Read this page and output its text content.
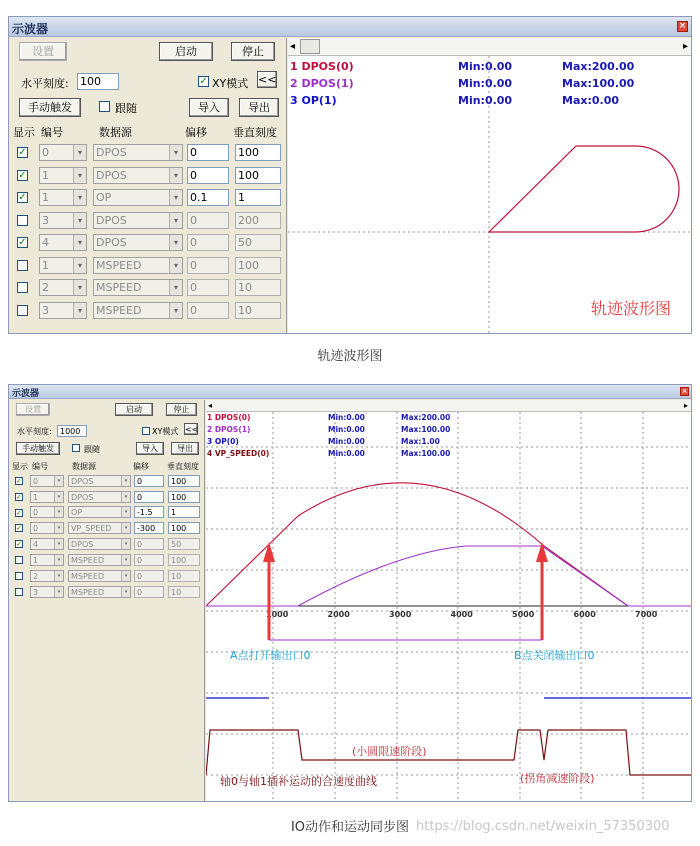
示波器	×
设置	启动	停止
水平刻度: 100	✓ XY模式 <<
手动触发	跟随	导入	导出
显示 编号	数据源	偏移 垂直刻度
✓ 0	▾	DPOS	▾	0	100
✓ 1	▾	DPOS	▾	0	100
✓ 1	▾	OP	▾	0.1	1
3	▾	DPOS	▾	0	200
✓ 4	▾	DPOS	▾	0	50
1	▾	MSPEED	▾	0	100
2	▾	MSPEED	▾	0	10
3	▾	MSPEED	▾	0	10
◂	▸
1 DPOS(0)	Min:0.00	Max:200.00
2 DPOS(1)	Min:0.00	Max:100.00
3 OP(1)	Min:0.00	Max:0.00
轨迹波形图
轨迹波形图
示波器	×
设置	启动	停止
水平刻度:	1000	XY模式 <<
手动触发	跟随	导入	导出
显示 编号	数据源	偏移 垂直刻度
✓	0	▾	DPOS	▾	0	100
✓	1	▾	DPOS	▾	0	100
✓	0	▾	OP	▾	-1.5	1
✓	0	▾	VP_SPEED	▾	-300	100
✓	4	▾	DPOS	▾	0	50
1	▾	MSPEED	▾	0	100
2	▾	MSPEED	▾	0	10
3	▾	MSPEED	▾	0	10
◂	▸
1000	2000	3000	4000	5000	6000	7000
1 DPOS(0)	Min:0.00	Max:200.00
2 DPOS(1)	Min:0.00	Max:100.00
3 OP(0)	Min:0.00	Max:1.00
4 VP_SPEED(0)	Min:0.00	Max:100.00
A点打开输出口0	B点关闭输出口0
(小圆限速阶段)
(拐角减速阶段)
轴0与轴1插补运动的合速度曲线
IO动作和运动同步图 https://blog.csdn.net/weixin_57350300
